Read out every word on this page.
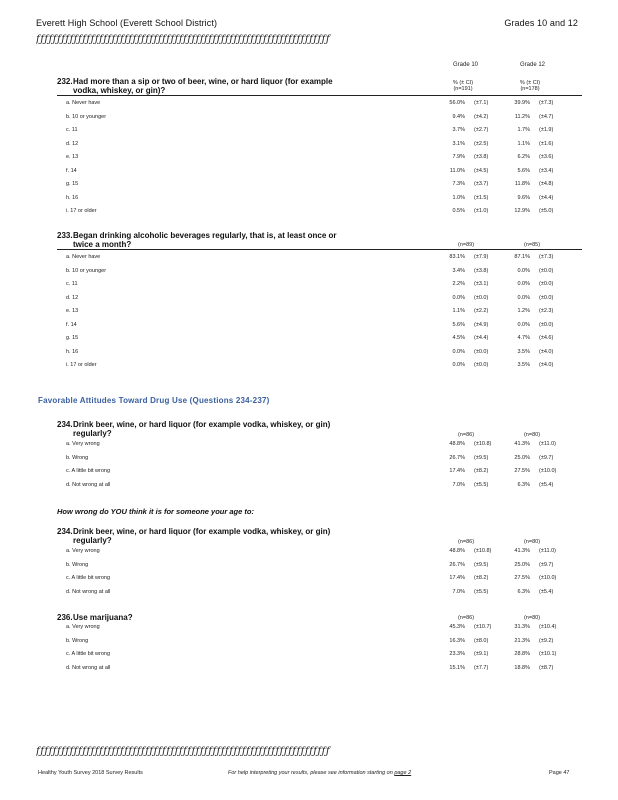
Everett High School (Everett School District)	Grades 10 and 12
ƒƒƒƒƒƒƒƒƒƒƒƒƒƒƒƒƒƒƒƒƒƒƒƒƒƒƒƒƒƒƒƒƒƒƒƒƒƒƒƒƒƒƒƒƒƒƒƒƒƒƒƒƒƒƒƒƒƒƒƒƒƒƒƒƒƒƒƒƒƒ
Grade 10	Grade 12
232.Had more than a sip or two of beer, wine, or hard liquor (for example
vodka, whiskey, or gin)?
% (± CI)
(n=191)
% (± CI)
(n=178)
a. Never have	56.0% (±7.1)	39.9% (±7.3)
b. 10 or younger	9.4% (±4.2)	11.2% (±4.7)
c. 11	3.7% (±2.7)	1.7% (±1.9)
d. 12	3.1% (±2.5)	1.1% (±1.6)
e. 13	7.9% (±3.8)	6.2% (±3.6)
f. 14	11.0% (±4.5)	5.6% (±3.4)
g. 15	7.3% (±3.7)	11.8% (±4.8)
h. 16	1.0% (±1.5)	9.6% (±4.4)
i. 17 or older	0.5% (±1.0)	12.9% (±5.0)
233.Began drinking alcoholic beverages regularly, that is, at least once or
twice a month?	(n=89)	(n=85)
a. Never have	83.1% (±7.9)	87.1% (±7.3)
b. 10 or younger	3.4% (±3.8)	0.0% (±0.0)
c. 11	2.2% (±3.1)	0.0% (±0.0)
d. 12	0.0% (±0.0)	0.0% (±0.0)
e. 13	1.1% (±2.2)	1.2% (±2.3)
f. 14	5.6% (±4.9)	0.0% (±0.0)
g. 15	4.5% (±4.4)	4.7% (±4.6)
h. 16	0.0% (±0.0)	3.5% (±4.0)
i. 17 or older	0.0% (±0.0)	3.5% (±4.0)
Favorable Attitudes Toward Drug Use (Questions 234-237)
234.Drink beer, wine, or hard liquor (for example vodka, whiskey, or gin)
regularly?	(n=86)	(n=80)
a. Very wrong	48.8% (±10.8)	41.3% (±11.0)
b. Wrong	26.7% (±9.5)	25.0% (±9.7)
c. A little bit wrong	17.4% (±8.2)	27.5% (±10.0)
d. Not wrong at all	7.0% (±5.5)	6.3% (±5.4)
How wrong do YOU think it is for someone your age to:
234.Drink beer, wine, or hard liquor (for example vodka, whiskey, or gin)
regularly?	(n=86)	(n=80)
a. Very wrong	48.8% (±10.8)	41.3% (±11.0)
b. Wrong	26.7% (±9.5)	25.0% (±9.7)
c. A little bit wrong	17.4% (±8.2)	27.5% (±10.0)
d. Not wrong at all	7.0% (±5.5)	6.3% (±5.4)
236.Use marijuana?	(n=86)	(n=80)
a. Very wrong	45.3% (±10.7)	31.3% (±10.4)
b. Wrong	16.3% (±8.0)	21.3% (±9.2)
c. A little bit wrong	23.3% (±9.1)	28.8% (±10.1)
d. Not wrong at all	15.1% (±7.7)	18.8% (±8.7)
ƒƒƒƒƒƒƒƒƒƒƒƒƒƒƒƒƒƒƒƒƒƒƒƒƒƒƒƒƒƒƒƒƒƒƒƒƒƒƒƒƒƒƒƒƒƒƒƒƒƒƒƒƒƒƒƒƒƒƒƒƒƒƒƒƒƒƒƒƒƒ
Healthy Youth Survey 2018 Survey Results	For help interpreting your results, please see information starting on page 2	Page 47
